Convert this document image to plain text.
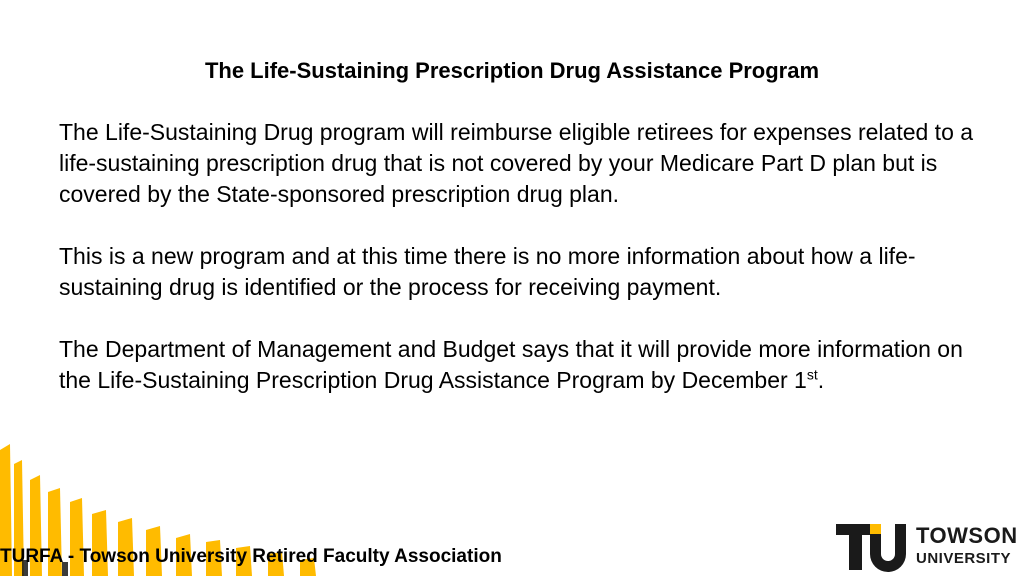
The Life-Sustaining Prescription Drug Assistance Program

The Life-Sustaining Drug program will reimburse eligible retirees for expenses related to a life-sustaining prescription drug that is not covered by your Medicare Part D plan but is covered by the State-sponsored prescription drug plan.

This is a new program and at this time there is no more information about how a life-sustaining drug is identified or the process for receiving payment.

The Department of Management and Budget says that it will provide more information on the Life-Sustaining Prescription Drug Assistance Program by December 1st.

TURFA - Towson University Retired Faculty Association
TOWSON
UNIVERSITY
